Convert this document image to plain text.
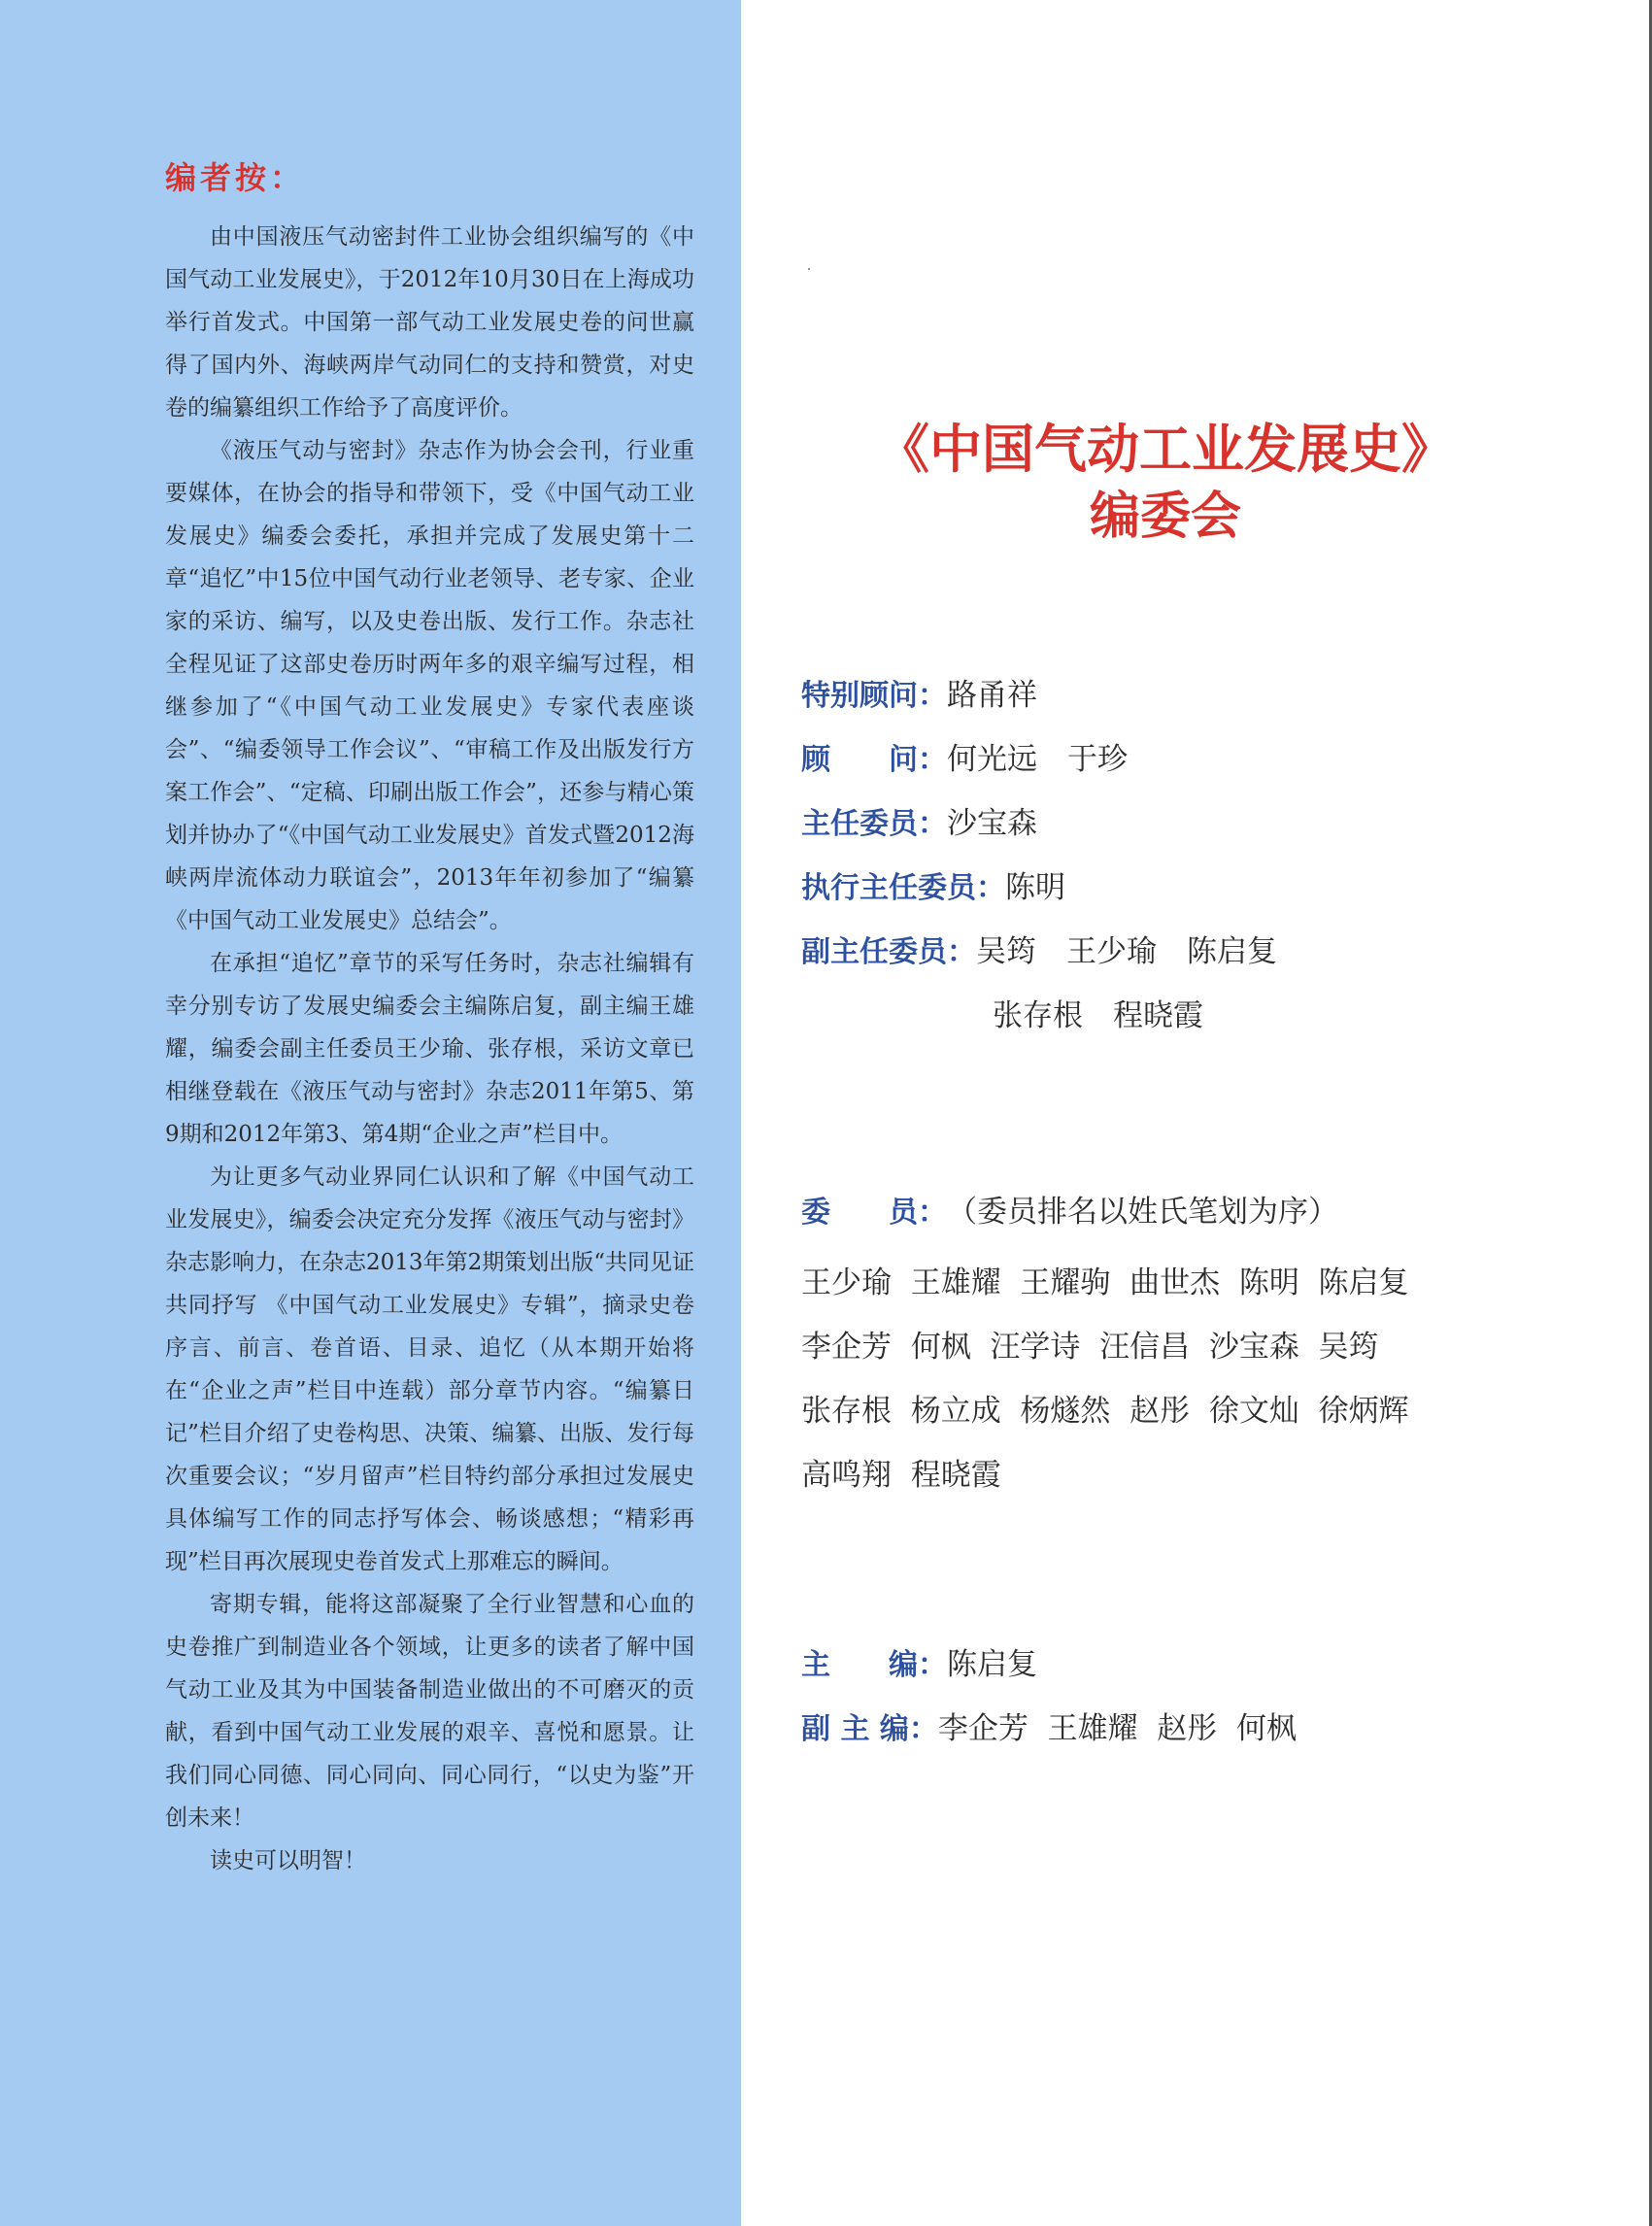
编者按：

由中国液压气动密封件工业协会组织编写的《中国气动工业发展史》，于2012年10月30日在上海成功举行首发式。中国第一部气动工业发展史卷的问世赢得了国内外、海峡两岸气动同仁的支持和赞赏，对史卷的编纂组织工作给予了高度评价。

《液压气动与密封》杂志作为协会会刊，行业重要媒体，在协会的指导和带领下，受《中国气动工业发展史》编委会委托，承担并完成了发展史第十二章“追忆”中15位中国气动行业老领导、老专家、企业家的采访、编写，以及史卷出版、发行工作。杂志社全程见证了这部史卷历时两年多的艰辛编写过程，相继参加了“《中国气动工业发展史》专家代表座谈会”、“编委领导工作会议”、“审稿工作及出版发行方案工作会”、“定稿、印刷出版工作会”，还参与精心策划并协办了“《中国气动工业发展史》首发式暨2012海峡两岸流体动力联谊会”，2013年年初参加了“编纂《中国气动工业发展史》总结会”。

在承担“追忆”章节的采写任务时，杂志社编辑有幸分别专访了发展史编委会主编陈启复，副主编王雄耀，编委会副主任委员王少瑜、张存根，采访文章已相继登载在《液压气动与密封》杂志2011年第5、第9期和2012年第3、第4期“企业之声”栏目中。

为让更多气动业界同仁认识和了解《中国气动工业发展史》，编委会决定充分发挥《液压气动与密封》杂志影响力，在杂志2013年第2期策划出版“共同见证 共同抒写 《中国气动工业发展史》专辑”，摘录史卷序言、前言、卷首语、目录、追忆（从本期开始将在“企业之声”栏目中连载）部分章节内容。“编纂日记”栏目介绍了史卷构思、决策、编纂、出版、发行每次重要会议；“岁月留声”栏目特约部分承担过发展史具体编写工作的同志抒写体会、畅谈感想；“精彩再现”栏目再次展现史卷首发式上那难忘的瞬间。

寄期专辑，能将这部凝聚了全行业智慧和心血的史卷推广到制造业各个领域，让更多的读者了解中国气动工业及其为中国装备制造业做出的不可磨灭的贡献，看到中国气动工业发展的艰辛、喜悦和愿景。让我们同心同德、同心同向、同心同行，“以史为鉴”开创未来！

读史可以明智！

《中国气动工业发展史》
编委会
特别顾问： 路甬祥
顾　　问： 何光远　于珍
主任委员： 沙宝森
执行主任委员： 陈明
副主任委员： 吴筠　王少瑜　陈启复
张存根　程晓霞
委　　员： （委员排名以姓氏笔划为序）
王少瑜  王雄耀  王耀驹  曲世杰  陈明  陈启复
李企芳  何枫  汪学诗  汪信昌  沙宝森  吴筠
张存根  杨立成  杨燧然  赵彤  徐文灿  徐炳辉
高鸣翔  程晓霞
主　　编： 陈启复
副 主 编： 李企芳  王雄耀  赵彤  何枫
